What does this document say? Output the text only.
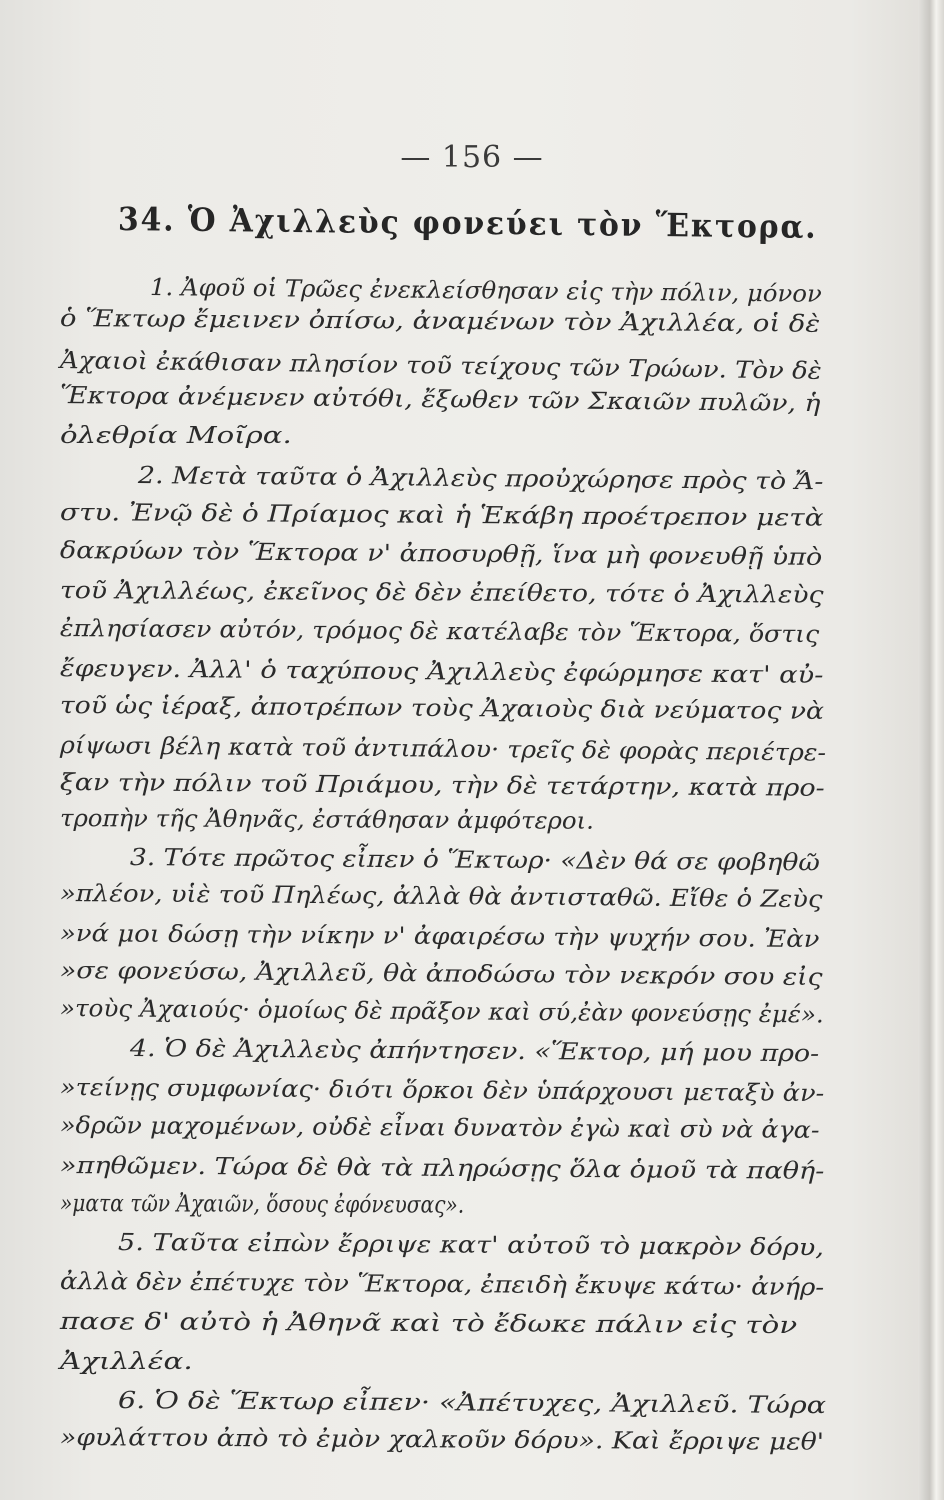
— 156 —
34. Ὁ Ἀχιλλεὺς φονεύει τὸν Ἕκτορα.
1. Ἀφοῦ οἱ Τρῶες ἐνεκλείσθησαν εἰς τὴν πόλιν, μόνον
ὁ Ἕκτωρ ἔμεινεν ὀπίσω, ἀναμένων τὸν Ἀχιλλέα, οἱ δὲ
Ἀχαιοὶ ἐκάθισαν πλησίον τοῦ τείχους τῶν Τρώων. Τὸν δὲ
Ἕκτορα ἀνέμενεν αὐτόθι, ἔξωθεν τῶν Σκαιῶν πυλῶν, ἡ
ὀλεθρία Μοῖρα.
2. Μετὰ ταῦτα ὁ Ἀχιλλεὺς προὐχώρησε πρὸς τὸ Ἄ-
στυ. Ἐνῷ δὲ ὁ Πρίαμος καὶ ἡ Ἑκάβη προέτρεπον μετὰ
δακρύων τὸν Ἕκτορα ν' ἀποσυρθῇ, ἵνα μὴ φονευθῇ ὑπὸ
τοῦ Ἀχιλλέως, ἐκεῖνος δὲ δὲν ἐπείθετο, τότε ὁ Ἀχιλλεὺς
ἐπλησίασεν αὐτόν, τρόμος δὲ κατέλαβε τὸν Ἕκτορα, ὅστις
ἔφευγεν. Ἀλλ' ὁ ταχύπους Ἀχιλλεὺς ἐφώρμησε κατ' αὐ-
τοῦ ὡς ἱέραξ, ἀποτρέπων τοὺς Ἀχαιοὺς διὰ νεύματος νὰ
ρίψωσι βέλη κατὰ τοῦ ἀντιπάλου· τρεῖς δὲ φορὰς περιέτρε-
ξαν τὴν πόλιν τοῦ Πριάμου, τὴν δὲ τετάρτην, κατὰ προ-
τροπὴν τῆς Ἀθηνᾶς, ἐστάθησαν ἀμφότεροι.
3. Τότε πρῶτος εἶπεν ὁ Ἕκτωρ· «Δὲν θά σε φοβηθῶ
»πλέον, υἱὲ τοῦ Πηλέως, ἀλλὰ θὰ ἀντισταθῶ. Εἴθε ὁ Ζεὺς
»νά μοι δώσῃ τὴν νίκην ν' ἀφαιρέσω τὴν ψυχήν σου. Ἐὰν
»σε φονεύσω, Ἀχιλλεῦ, θὰ ἀποδώσω τὸν νεκρόν σου εἰς
»τοὺς Ἀχαιούς· ὁμοίως δὲ πρᾶξον καὶ σύ,ἐὰν φονεύσῃς ἐμέ».
4. Ὁ δὲ Ἀχιλλεὺς ἀπήντησεν. «Ἕκτορ, μή μου προ-
»τείνῃς συμφωνίας· διότι ὅρκοι δὲν ὑπάρχουσι μεταξὺ ἀν-
»δρῶν μαχομένων, οὐδὲ εἶναι δυνατὸν ἐγὼ καὶ σὺ νὰ ἀγα-
»πηθῶμεν. Τώρα δὲ θὰ τὰ πληρώσῃς ὅλα ὁμοῦ τὰ παθή-
»ματα τῶν Ἀχαιῶν, ὅσους ἐφόνευσας».
5. Ταῦτα εἰπὼν ἔρριψε κατ' αὐτοῦ τὸ μακρὸν δόρυ,
ἀλλὰ δὲν ἐπέτυχε τὸν Ἕκτορα, ἐπειδὴ ἔκυψε κάτω· ἀνήρ-
πασε δ' αὐτὸ ἡ Ἀθηνᾶ καὶ τὸ ἔδωκε πάλιν εἰς τὸν
Ἀχιλλέα.
6. Ὁ δὲ Ἕκτωρ εἶπεν· «Ἀπέτυχες, Ἀχιλλεῦ. Τώρα
»φυλάττου ἀπὸ τὸ ἐμὸν χαλκοῦν δόρυ». Καὶ ἔρριψε μεθ'
